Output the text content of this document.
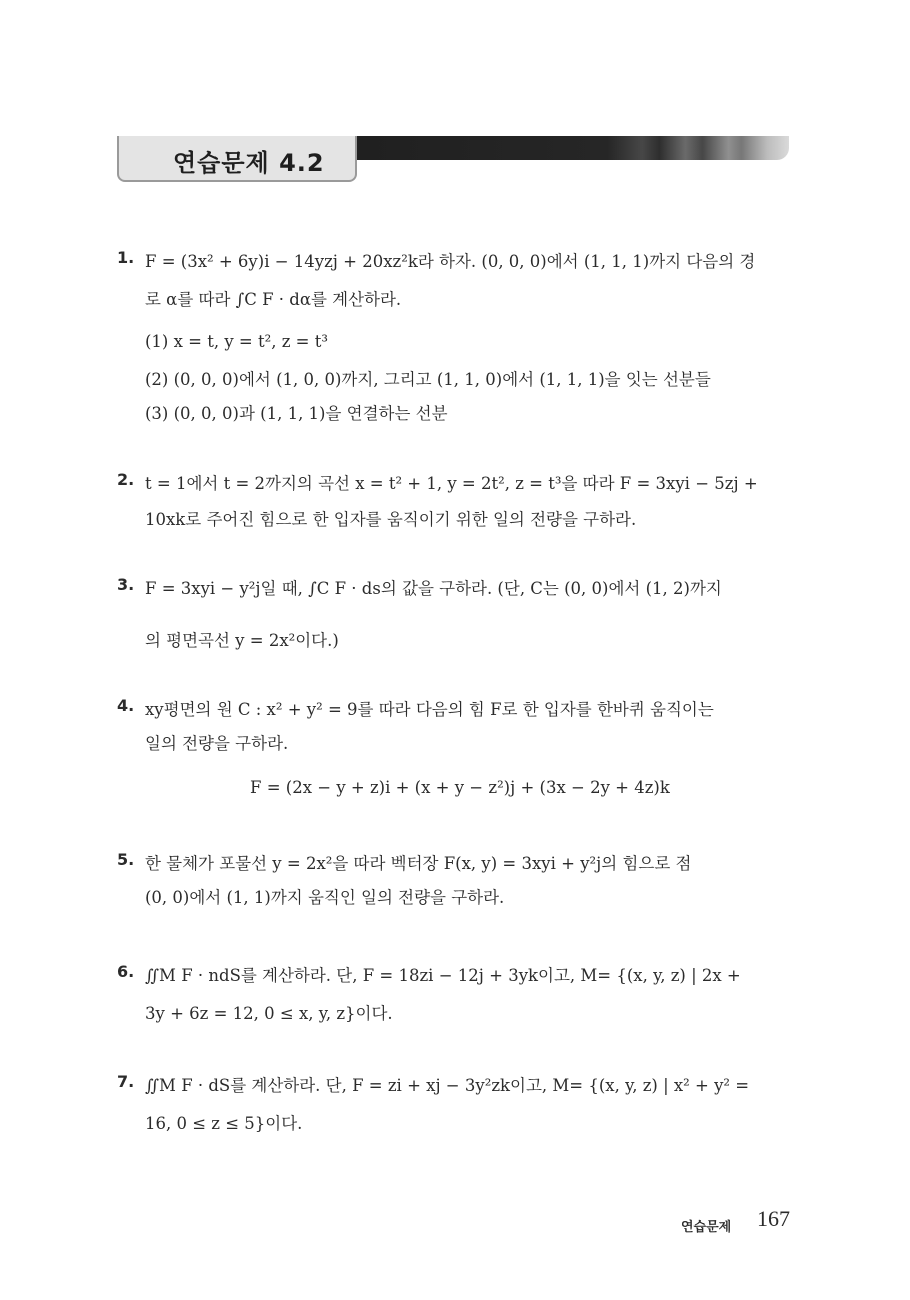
연습문제 4.2
1. F = (3x² + 6y)i − 14yzj + 20xz²k라 하자. (0, 0, 0)에서 (1, 1, 1)까지 다음의 경
로 α를 따라 ∫C F · dα를 계산하라.
(1) x = t, y = t², z = t³
(2) (0, 0, 0)에서 (1, 0, 0)까지, 그리고 (1, 1, 0)에서 (1, 1, 1)을 잇는 선분들
(3) (0, 0, 0)과 (1, 1, 1)을 연결하는 선분
2. t = 1에서 t = 2까지의 곡선 x = t² + 1, y = 2t², z = t³을 따라 F = 3xyi − 5zj +
10xk로 주어진 힘으로 한 입자를 움직이기 위한 일의 전량을 구하라.
3. F = 3xyi − y²j일 때, ∫C F · ds의 값을 구하라. (단, C는 (0, 0)에서 (1, 2)까지
의 평면곡선 y = 2x²이다.)
4. xy평면의 원 C : x² + y² = 9를 따라 다음의 힘 F로 한 입자를 한바퀴 움직이는
일의 전량을 구하라.
F = (2x − y + z)i + (x + y − z²)j + (3x − 2y + 4z)k
5. 한 물체가 포물선 y = 2x²을 따라 벡터장 F(x, y) = 3xyi + y²j의 힘으로 점
(0, 0)에서 (1, 1)까지 움직인 일의 전량을 구하라.
6. ∬M F · ndS를 계산하라. 단, F = 18zi − 12j + 3yk이고, M= {(x, y, z) | 2x +
3y + 6z = 12, 0 ≤ x, y, z}이다.
7. ∬M F · dS를 계산하라. 단, F = zi + xj − 3y²zk이고, M= {(x, y, z) | x² + y² =
16, 0 ≤ z ≤ 5}이다.
연습문제 167
